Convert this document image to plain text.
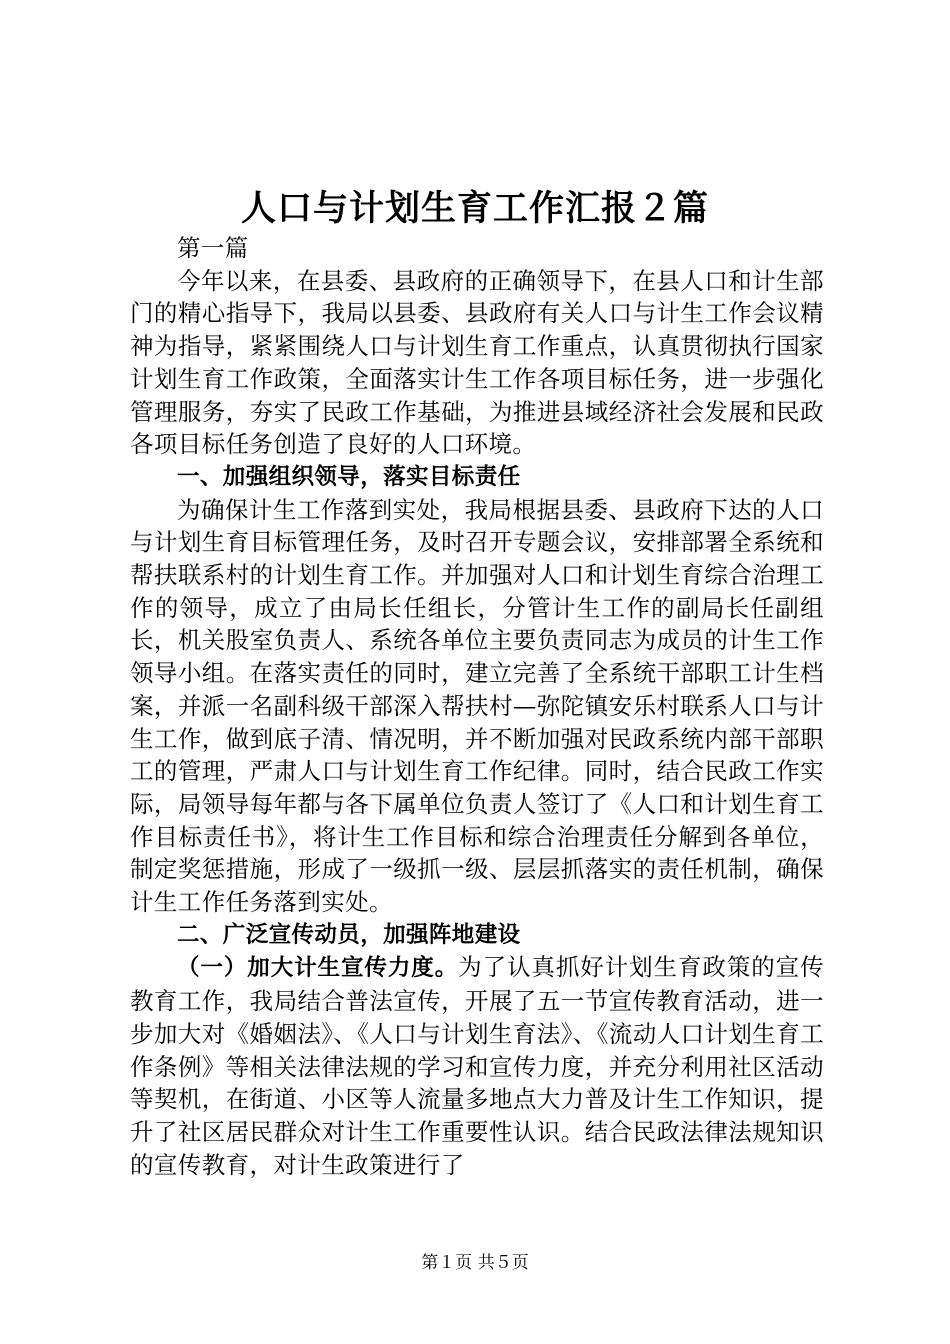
人口与计划生育工作汇报２篇

第一篇

今年以来，在县委、县政府的正确领导下，在县人口和计生部门的精心指导下，我局以县委、县政府有关人口与计生工作会议精神为指导，紧紧围绕人口与计划生育工作重点，认真贯彻执行国家计划生育工作政策，全面落实计生工作各项目标任务，进一步强化管理服务，夯实了民政工作基础，为推进县域经济社会发展和民政各项目标任务创造了良好的人口环境。

一、加强组织领导，落实目标责任

为确保计生工作落到实处，我局根据县委、县政府下达的人口与计划生育目标管理任务，及时召开专题会议，安排部署全系统和帮扶联系村的计划生育工作。并加强对人口和计划生育综合治理工作的领导，成立了由局长任组长，分管计生工作的副局长任副组长，机关股室负责人、系统各单位主要负责同志为成员的计生工作领导小组。在落实责任的同时，建立完善了全系统干部职工计生档案，并派一名副科级干部深入帮扶村—弥陀镇安乐村联系人口与计生工作，做到底子清、情况明，并不断加强对民政系统内部干部职工的管理，严肃人口与计划生育工作纪律。同时，结合民政工作实际，局领导每年都与各下属单位负责人签订了《人口和计划生育工作目标责任书》，将计生工作目标和综合治理责任分解到各单位，制定奖惩措施，形成了一级抓一级、层层抓落实的责任机制，确保计生工作任务落到实处。

二、广泛宣传动员，加强阵地建设

（一）加大计生宣传力度。为了认真抓好计划生育政策的宣传教育工作，我局结合普法宣传，开展了五一节宣传教育活动，进一步加大对《婚姻法》、《人口与计划生育法》、《流动人口计划生育工作条例》等相关法律法规的学习和宣传力度，并充分利用社区活动等契机，在街道、小区等人流量多地点大力普及计生工作知识，提升了社区居民群众对计生工作重要性认识。结合民政法律法规知识的宣传教育，对计生政策进行了

第１页 共５页
